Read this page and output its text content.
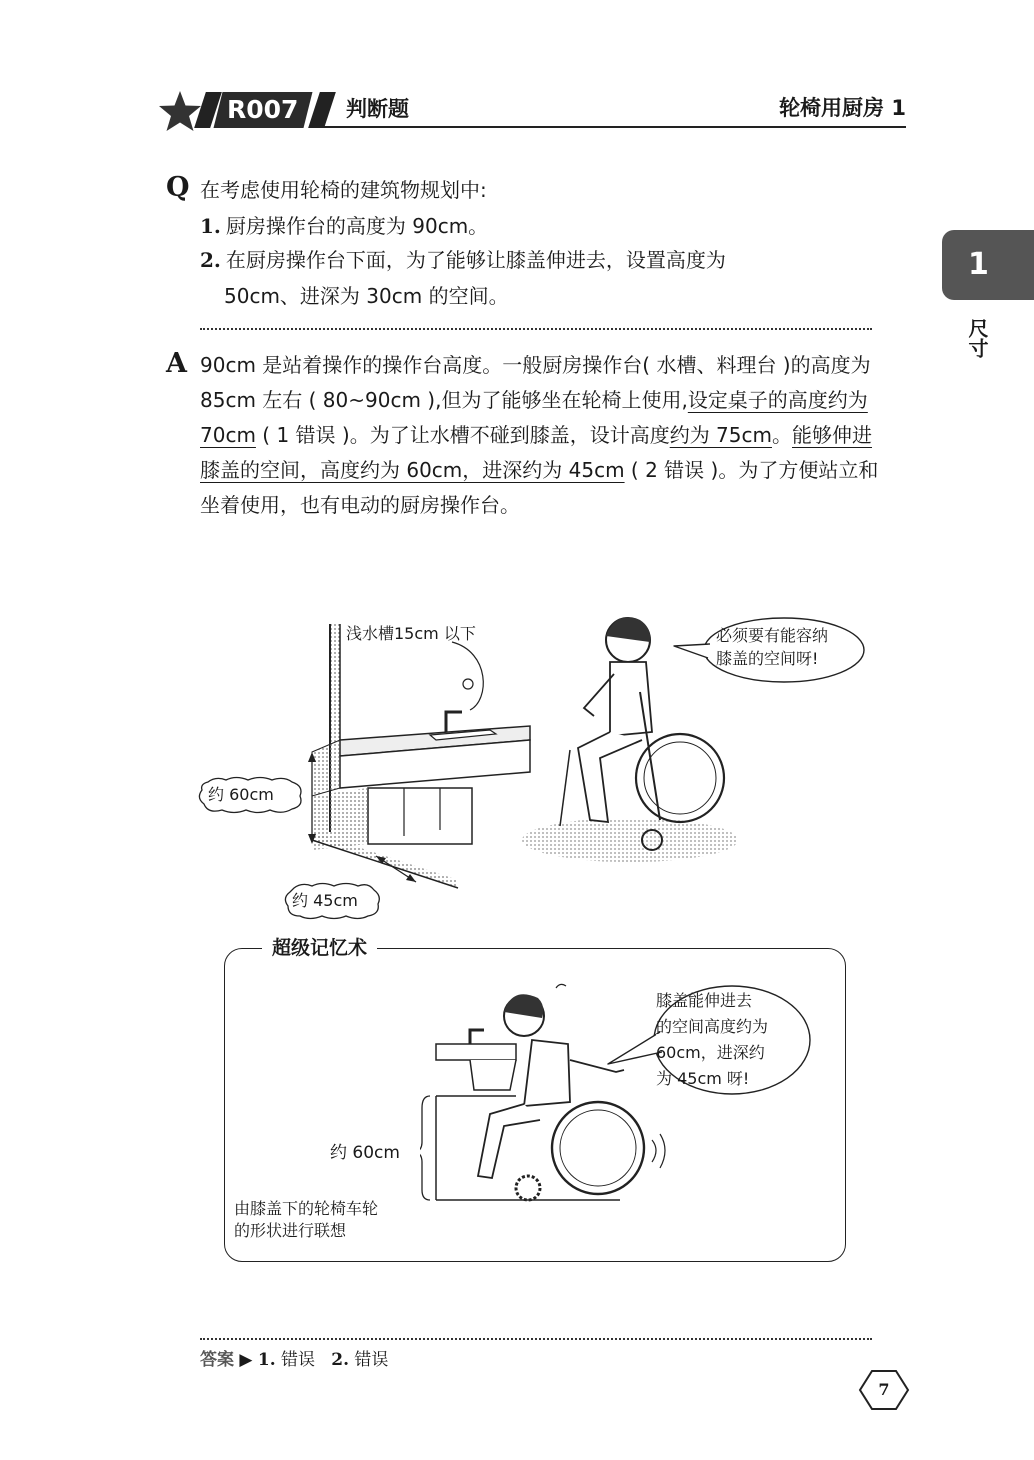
R007	判断题	轮椅用厨房 1
1
尺寸
Q 在考虑使用轮椅的建筑物规划中:
1. 厨房操作台的高度为 90cm。
2. 在厨房操作台下面，为了能够让膝盖伸进去，设置高度为
50cm、进深为 30cm 的空间。
A 90cm 是站着操作的操作台高度。一般厨房操作台( 水槽、料理台 )的高度为 85cm 左右 ( 80~90cm ),但为了能够坐在轮椅上使用,设定桌子的高度约为 70cm ( 1 错误 )。为了让水槽不碰到膝盖，设计高度约为 75cm。能够伸进膝盖的空间，高度约为 60cm，进深约为 45cm ( 2 错误 )。为了方便站立和坐着使用，也有电动的厨房操作台。
浅水槽15cm 以下
约 60cm
约 45cm
必须要有能容纳
膝盖的空间呀!
超级记忆术
膝盖能伸进去
的空间高度约为
60cm，进深约
为 45cm 呀!
约 60cm
由膝盖下的轮椅车轮
的形状进行联想
答案 ▶ 1. 错误 2. 错误
7
